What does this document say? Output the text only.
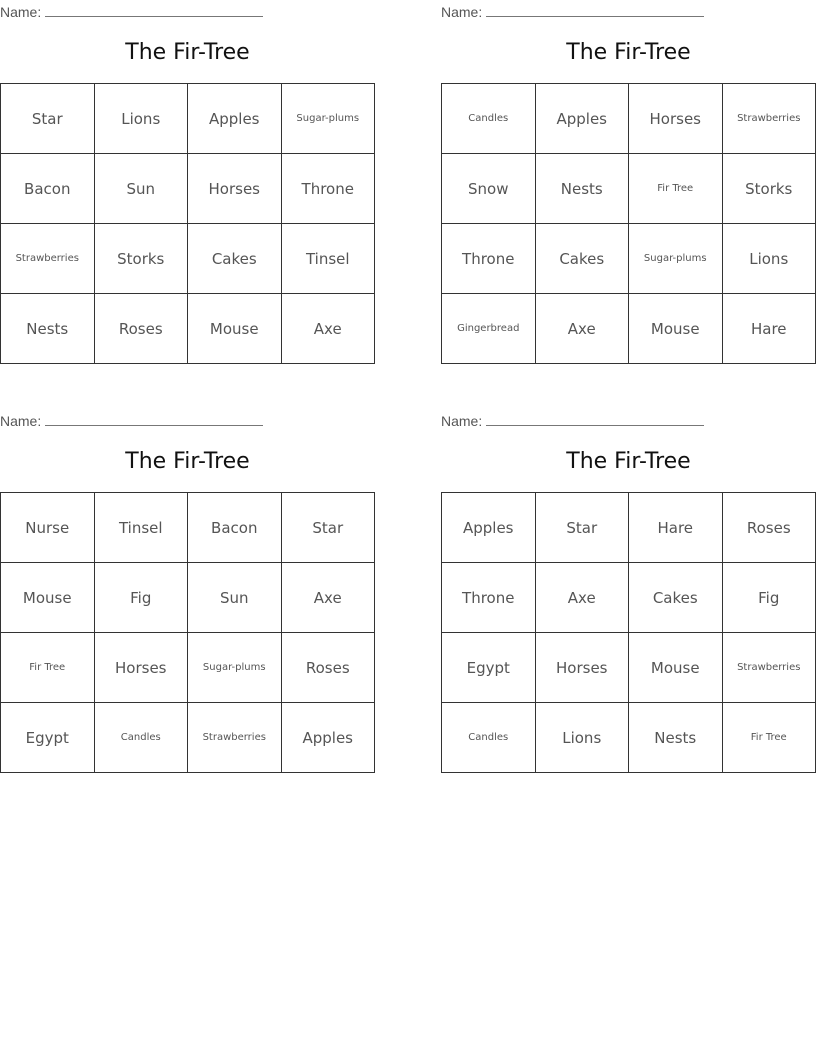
Name:
The Fir-Tree
Star	Lions	Apples	Sugar-plums
Bacon	Sun	Horses	Throne
Strawberries	Storks	Cakes	Tinsel
Nests	Roses	Mouse	Axe
Name:
The Fir-Tree
Candles	Apples	Horses	Strawberries
Snow	Nests	Fir Tree	Storks
Throne	Cakes	Sugar-plums	Lions
Gingerbread	Axe	Mouse	Hare
Name:
The Fir-Tree
Nurse	Tinsel	Bacon	Star
Mouse	Fig	Sun	Axe
Fir Tree	Horses	Sugar-plums	Roses
Egypt	Candles	Strawberries	Apples
Name:
The Fir-Tree
Apples	Star	Hare	Roses
Throne	Axe	Cakes	Fig
Egypt	Horses	Mouse	Strawberries
Candles	Lions	Nests	Fir Tree
